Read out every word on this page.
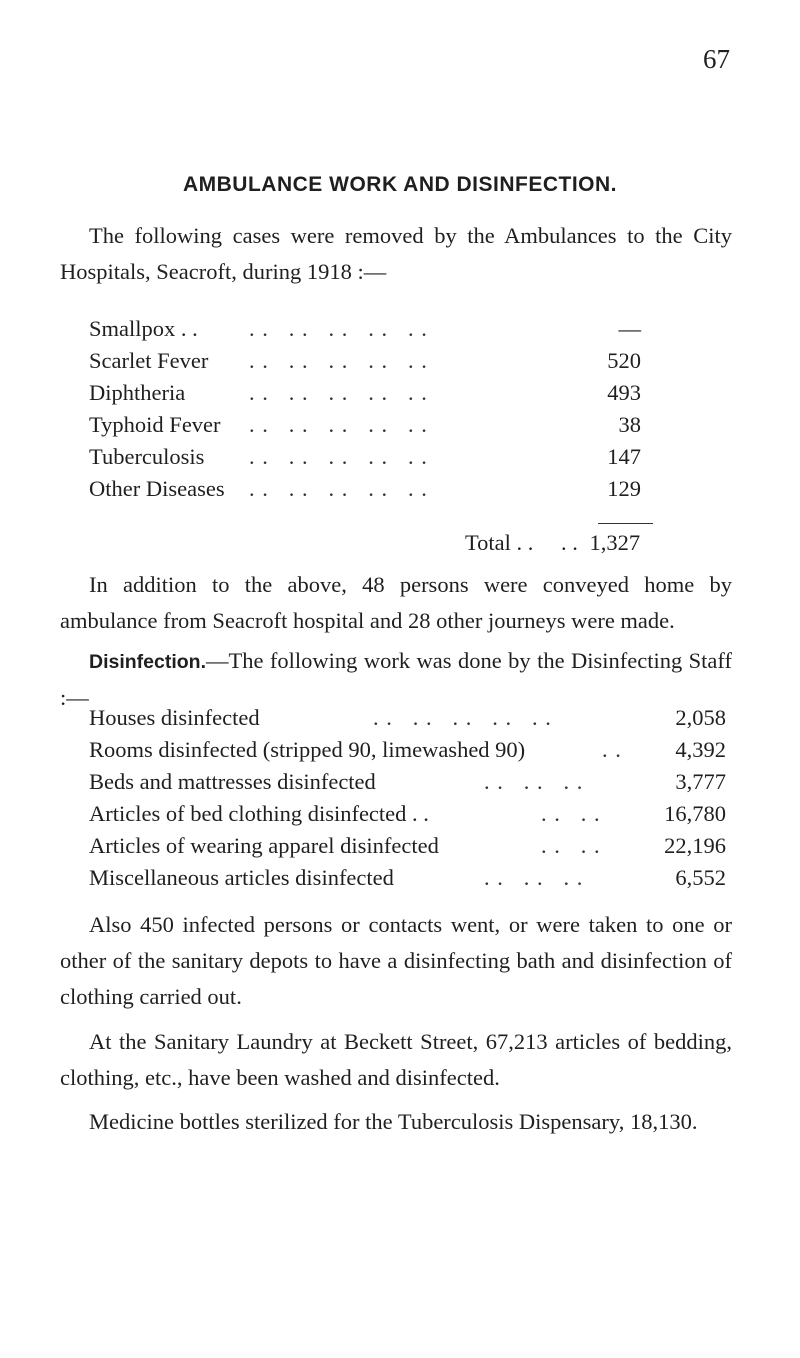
67
AMBULANCE WORK AND DISINFECTION.

The following cases were removed by the Ambulances to the City Hospitals, Seacroft, during 1918 :—

Smallpox . . . .   . .   . .   . .   . .	—
Scarlet Fever . .   . .   . .   . .   . .	520
Diphtheria	. .   . .   . .   . .   . .	493
Typhoid Fever . .   . .   . .   . .   . .	38
Tuberculosis . .   . .   . .   . .   . .	147
Other Diseases . .   . .   . .   . .   . .	129
Total . . . . 1,327

In addition to the above, 48 persons were conveyed home by ambulance from Seacroft hospital and 28 other journeys were made.

Disinfection.—The following work was done by the Disinfecting Staff :—

Houses disinfected	. .   . .   . .   . .   . .	2,058
Rooms disinfected (stripped 90, limewashed 90)	. .	4,392
Beds and mattresses disinfected	. .   . .   . .	3,777
Articles of bed clothing disinfected . .	. .   . .	16,780
Articles of wearing apparel disinfected	. .   . .	22,196
Miscellaneous articles disinfected	. .   . .   . .	6,552

Also 450 infected persons or contacts went, or were taken to one or other of the sanitary depots to have a disinfecting bath and disinfection of clothing carried out.

At the Sanitary Laundry at Beckett Street, 67,213 articles of bedding, clothing, etc., have been washed and disinfected.

Medicine bottles sterilized for the Tuberculosis Dispensary, 18,130.
